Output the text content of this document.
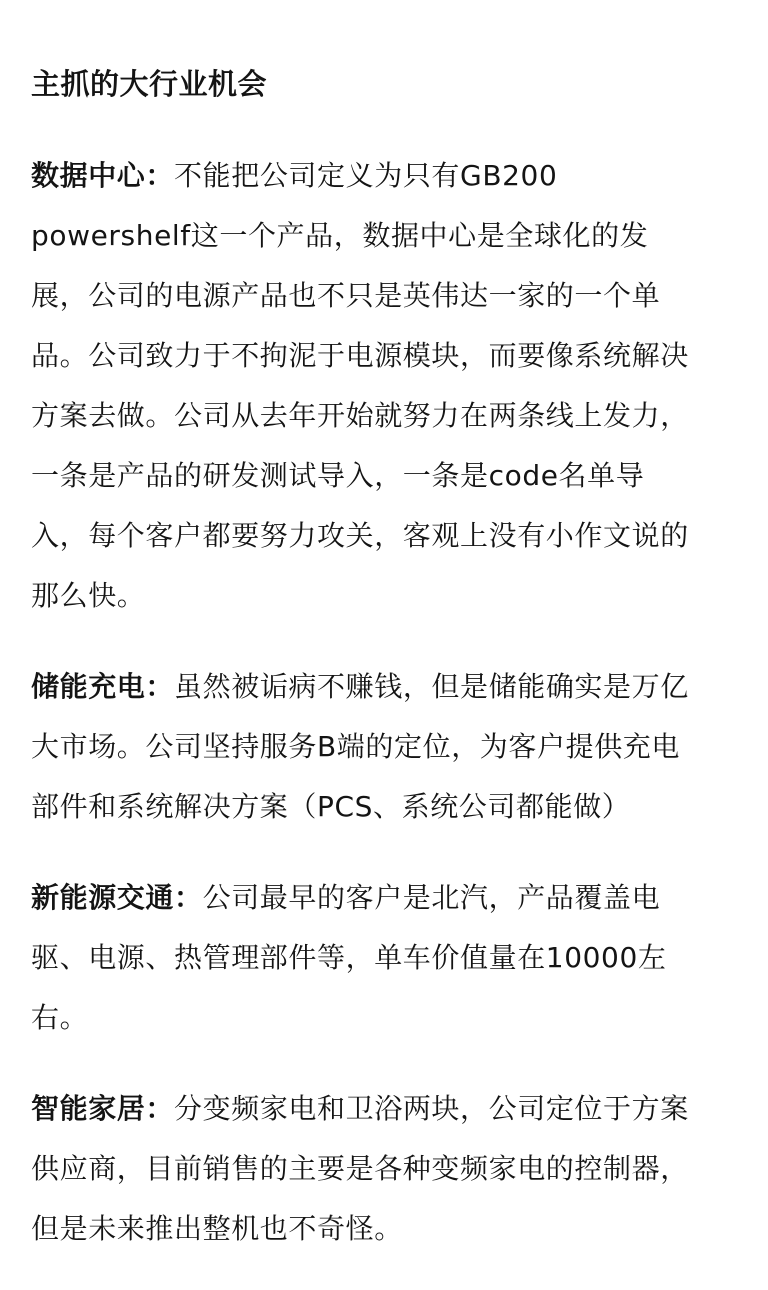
主抓的大行业机会
数据中心：不能把公司定义为只有GB200
powershelf这一个产品，数据中心是全球化的发
展，公司的电源产品也不只是英伟达一家的一个单
品。公司致力于不拘泥于电源模块，而要像系统解决
方案去做。公司从去年开始就努力在两条线上发力，
一条是产品的研发测试导入，一条是code名单导
入，每个客户都要努力攻关，客观上没有小作文说的
那么快。
储能充电：虽然被诟病不赚钱，但是储能确实是万亿
大市场。公司坚持服务B端的定位，为客户提供充电
部件和系统解决方案（PCS、系统公司都能做）
新能源交通：公司最早的客户是北汽，产品覆盖电
驱、电源、热管理部件等，单车价值量在10000左
右。
智能家居：分变频家电和卫浴两块，公司定位于方案
供应商，目前销售的主要是各种变频家电的控制器，
但是未来推出整机也不奇怪。
